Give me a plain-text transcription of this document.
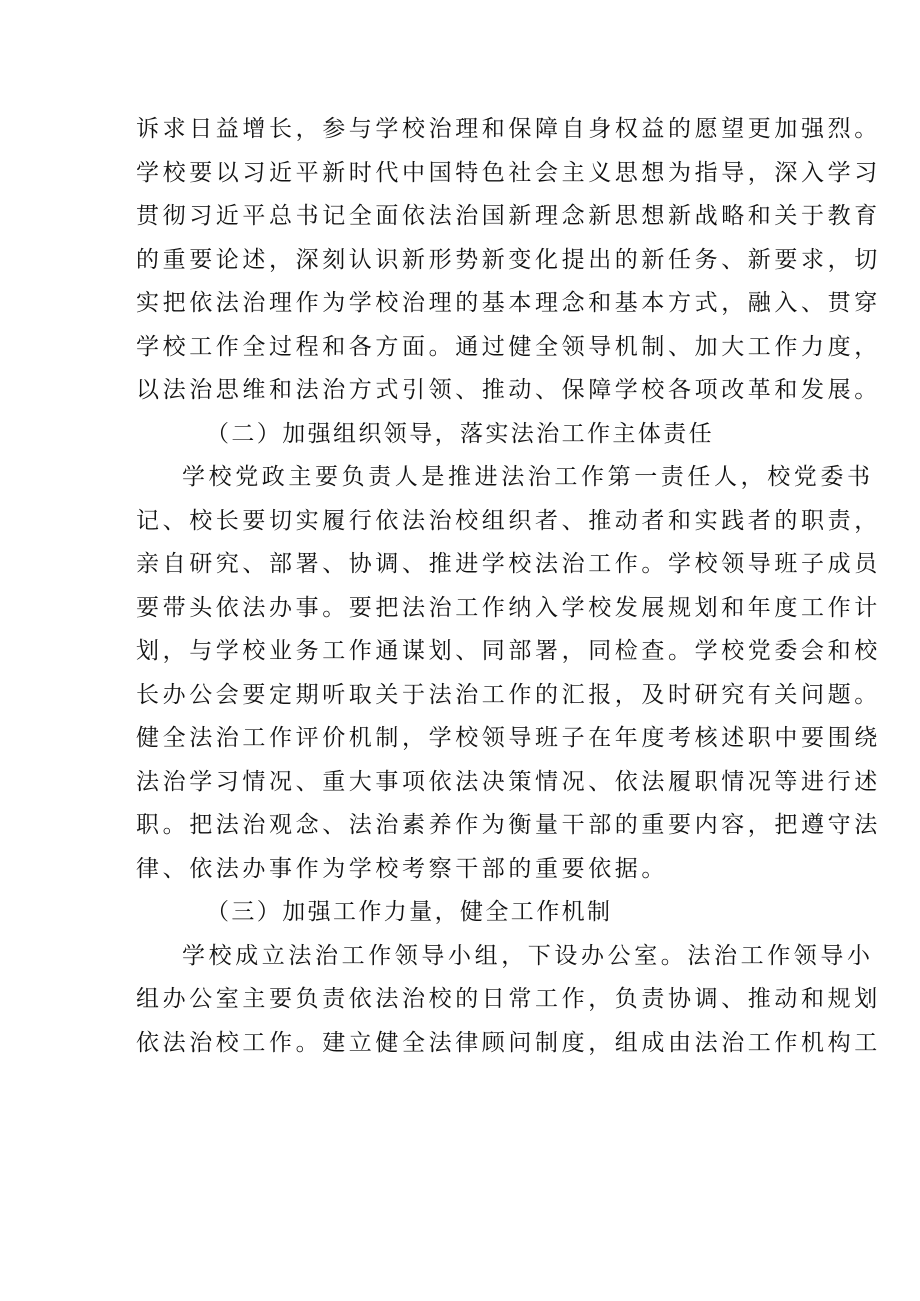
诉求日益增长，参与学校治理和保障自身权益的愿望更加强烈。
学校要以习近平新时代中国特色社会主义思想为指导，深入学习
贯彻习近平总书记全面依法治国新理念新思想新战略和关于教育
的重要论述，深刻认识新形势新变化提出的新任务、新要求，切
实把依法治理作为学校治理的基本理念和基本方式，融入、贯穿
学校工作全过程和各方面。通过健全领导机制、加大工作力度，
以法治思维和法治方式引领、推动、保障学校各项改革和发展。
（二）加强组织领导，落实法治工作主体责任
学校党政主要负责人是推进法治工作第一责任人，校党委书
记、校长要切实履行依法治校组织者、推动者和实践者的职责，
亲自研究、部署、协调、推进学校法治工作。学校领导班子成员
要带头依法办事。要把法治工作纳入学校发展规划和年度工作计
划，与学校业务工作通谋划、同部署，同检查。学校党委会和校
长办公会要定期听取关于法治工作的汇报，及时研究有关问题。
健全法治工作评价机制，学校领导班子在年度考核述职中要围绕
法治学习情况、重大事项依法决策情况、依法履职情况等进行述
职。把法治观念、法治素养作为衡量干部的重要内容，把遵守法
律、依法办事作为学校考察干部的重要依据。
（三）加强工作力量，健全工作机制
学校成立法治工作领导小组，下设办公室。法治工作领导小
组办公室主要负责依法治校的日常工作，负责协调、推动和规划
依法治校工作。建立健全法律顾问制度，组成由法治工作机构工
